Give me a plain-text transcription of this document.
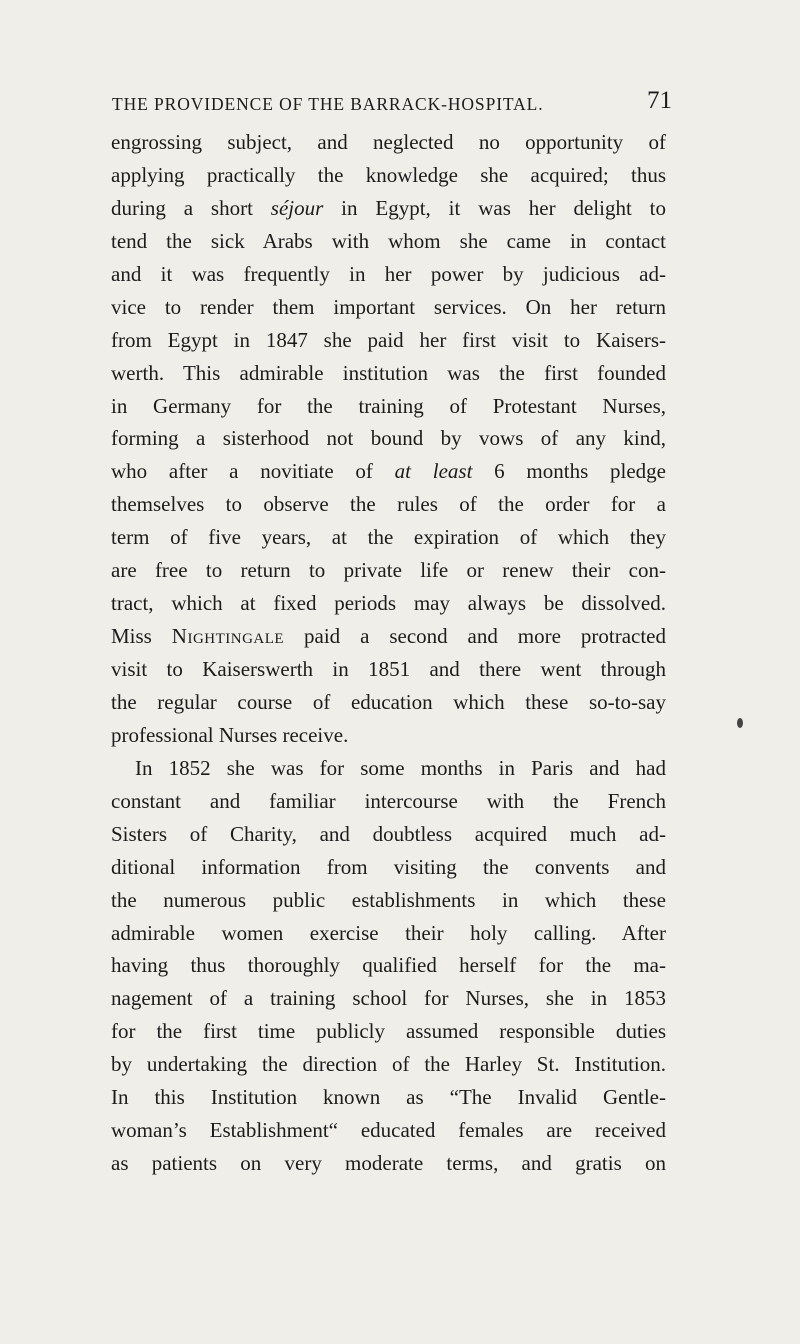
THE PROVIDENCE OF THE BARRACK-HOSPITAL.	71
engrossing subject, and neglected no opportunity of
applying practically the knowledge she acquired; thus
during a short séjour in Egypt, it was her delight to
tend the sick Arabs with whom she came in contact
and it was frequently in her power by judicious ad-
vice to render them important services. On her return
from Egypt in 1847 she paid her first visit to Kaisers-
werth. This admirable institution was the first founded
in Germany for the training of Protestant Nurses,
forming a sisterhood not bound by vows of any kind,
who after a novitiate of at least 6 months pledge
themselves to observe the rules of the order for a
term of five years, at the expiration of which they
are free to return to private life or renew their con-
tract, which at fixed periods may always be dissolved.
Miss Nightingale paid a second and more protracted
visit to Kaiserswerth in 1851 and there went through
the regular course of education which these so-to-say
professional Nurses receive.
In 1852 she was for some months in Paris and had
constant and familiar intercourse with the French
Sisters of Charity, and doubtless acquired much ad-
ditional information from visiting the convents and
the numerous public establishments in which these
admirable women exercise their holy calling. After
having thus thoroughly qualified herself for the ma-
nagement of a training school for Nurses, she in 1853
for the first time publicly assumed responsible duties
by undertaking the direction of the Harley St. Institution.
In this Institution known as “The Invalid Gentle-
woman’s Establishment“ educated females are received
as patients on very moderate terms, and gratis on
